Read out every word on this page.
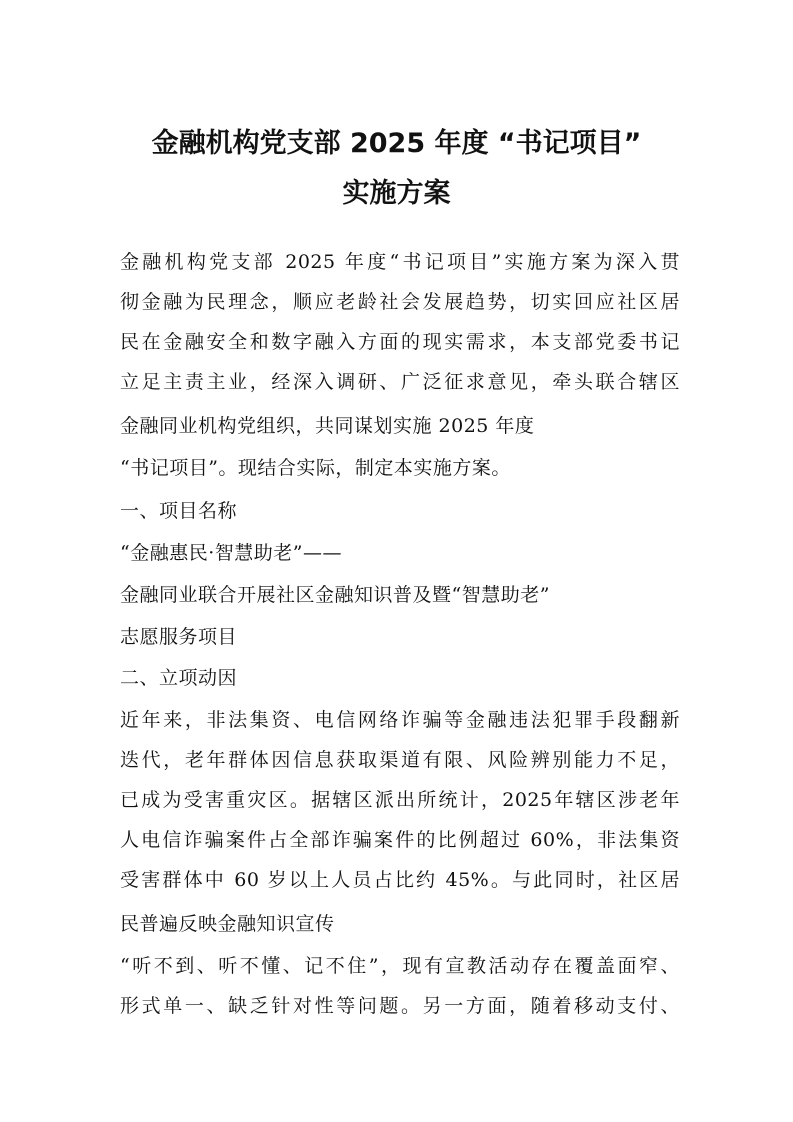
金融机构党支部 2025 年度 “书记项目”
实施方案
金融机构党支部 2025 年度“书记项目”实施方案为深入贯
彻金融为民理念，顺应老龄社会发展趋势，切实回应社区居
民在金融安全和数字融入方面的现实需求，本支部党委书记
立足主责主业，经深入调研、广泛征求意见，牵头联合辖区
金融同业机构党组织，共同谋划实施 2025 年度
“书记项目”。现结合实际，制定本实施方案。
一、项目名称
“金融惠民·智慧助老”——
金融同业联合开展社区金融知识普及暨“智慧助老”
志愿服务项目
二、立项动因
近年来，非法集资、电信网络诈骗等金融违法犯罪手段翻新
迭代，老年群体因信息获取渠道有限、风险辨别能力不足，
已成为受害重灾区。据辖区派出所统计，2025年辖区涉老年
人电信诈骗案件占全部诈骗案件的比例超过 60%，非法集资
受害群体中 60 岁以上人员占比约 45%。与此同时，社区居
民普遍反映金融知识宣传
“听不到、听不懂、记不住”，现有宣教活动存在覆盖面窄、
形式单一、缺乏针对性等问题。另一方面，随着移动支付、
